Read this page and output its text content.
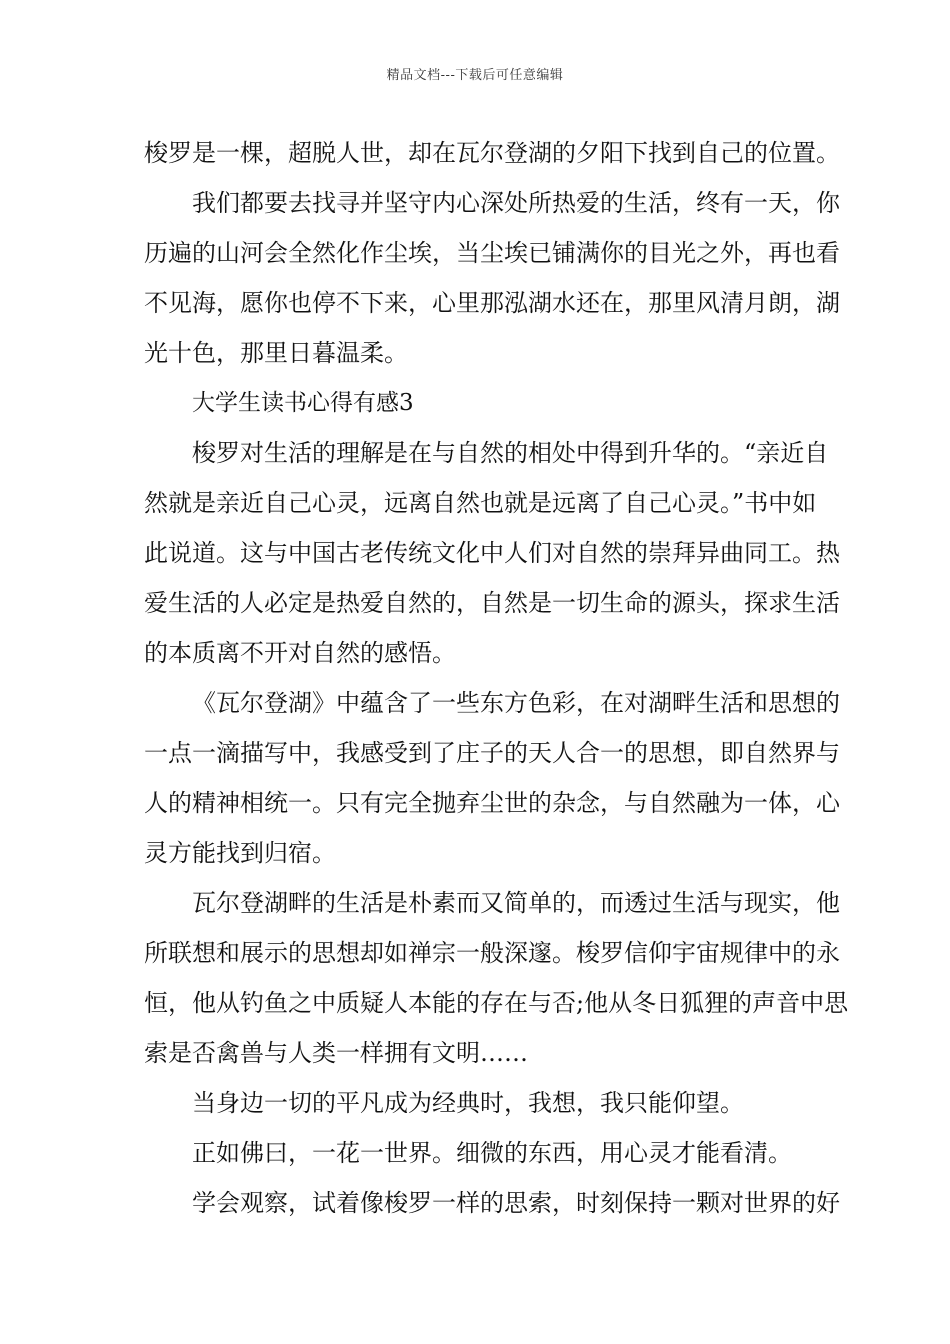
精品文档---下载后可任意编辑
梭罗是一棵，超脱人世，却在瓦尔登湖的夕阳下找到自己的位置。
我们都要去找寻并坚守内心深处所热爱的生活，终有一天，你
历遍的山河会全然化作尘埃，当尘埃已铺满你的目光之外，再也看
不见海，愿你也停不下来，心里那泓湖水还在，那里风清月朗，湖
光十色，那里日暮温柔。
大学生读书心得有感3
梭罗对生活的理解是在与自然的相处中得到升华的。“亲近自
然就是亲近自己心灵，远离自然也就是远离了自己心灵。”书中如
此说道。这与中国古老传统文化中人们对自然的崇拜异曲同工。热
爱生活的人必定是热爱自然的，自然是一切生命的源头，探求生活
的本质离不开对自然的感悟。
《瓦尔登湖》中蕴含了一些东方色彩，在对湖畔生活和思想的
一点一滴描写中，我感受到了庄子的天人合一的思想，即自然界与
人的精神相统一。只有完全抛弃尘世的杂念，与自然融为一体，心
灵方能找到归宿。
瓦尔登湖畔的生活是朴素而又简单的，而透过生活与现实，他
所联想和展示的思想却如禅宗一般深邃。梭罗信仰宇宙规律中的永
恒，他从钓鱼之中质疑人本能的存在与否;他从冬日狐狸的声音中思
索是否禽兽与人类一样拥有文明……
当身边一切的平凡成为经典时，我想，我只能仰望。
正如佛曰，一花一世界。细微的东西，用心灵才能看清。
学会观察，试着像梭罗一样的思索，时刻保持一颗对世界的好
